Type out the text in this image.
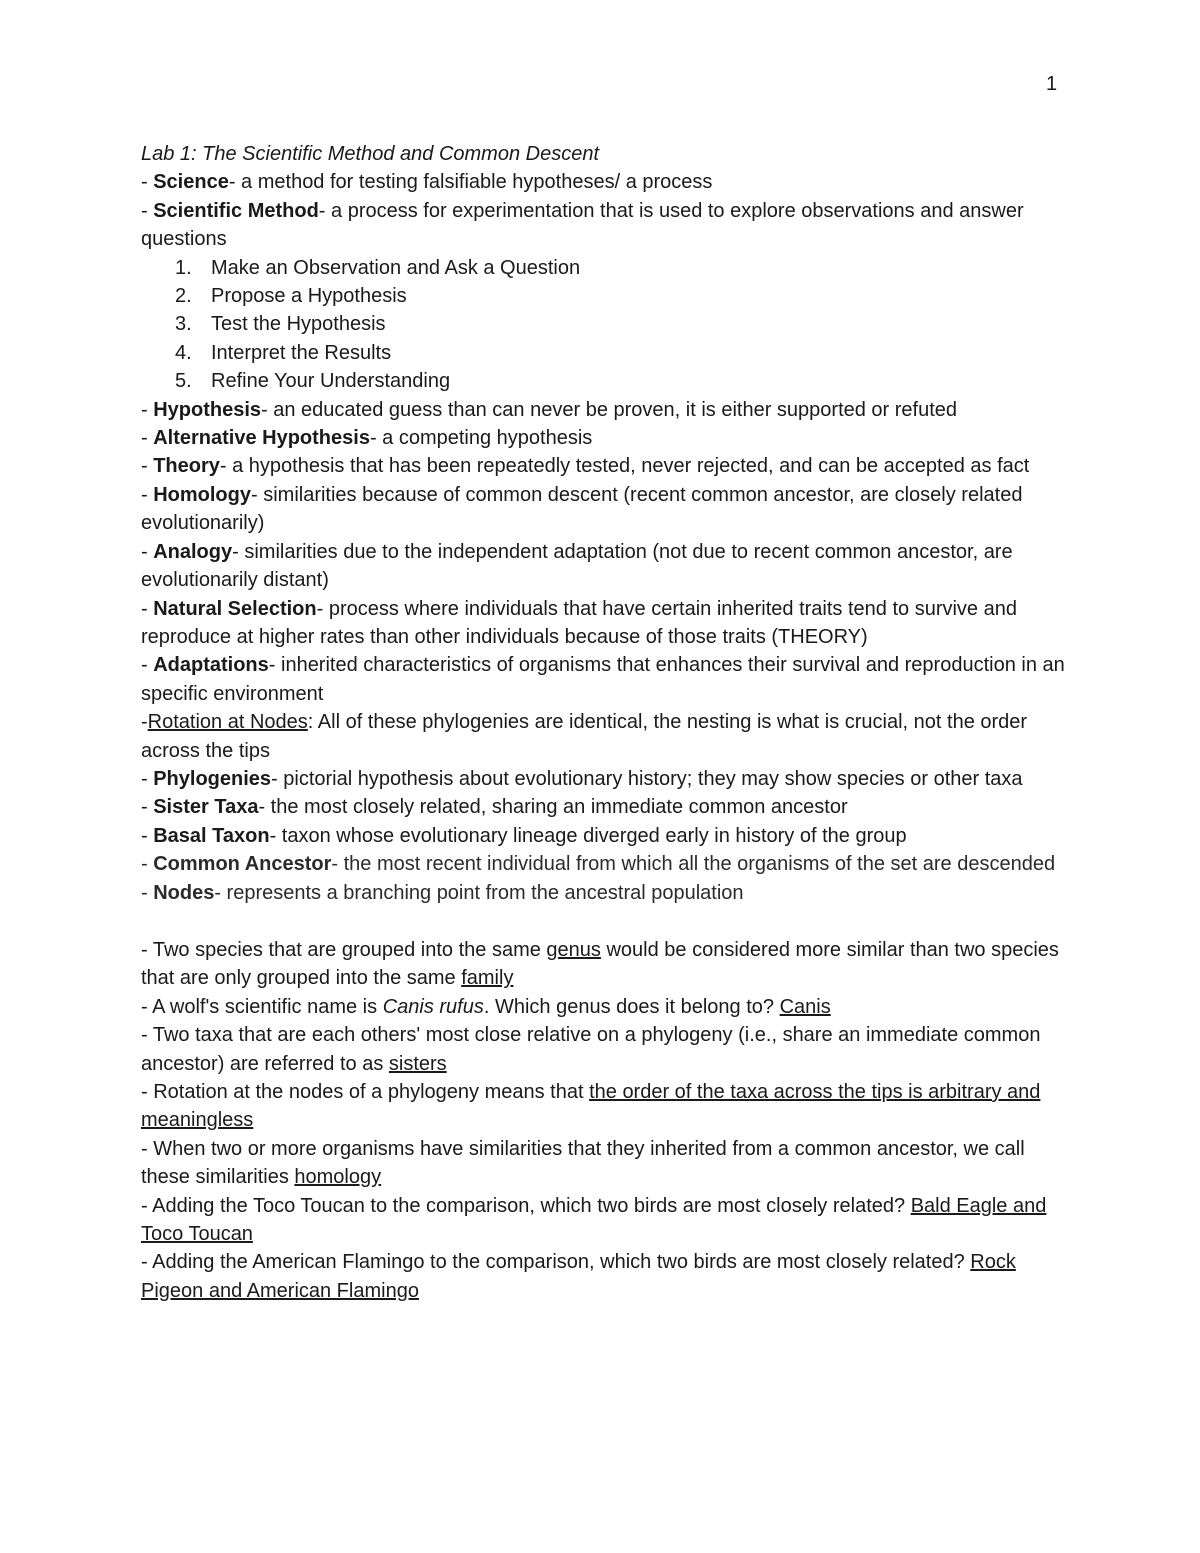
1
Lab 1: The Scientific Method and Common Descent
- Science- a method for testing falsifiable hypotheses/ a process
- Scientific Method- a process for experimentation that is used to explore observations and answer questions
1. Make an Observation and Ask a Question
2. Propose a Hypothesis
3. Test the Hypothesis
4. Interpret the Results
5. Refine Your Understanding
- Hypothesis- an educated guess than can never be proven, it is either supported or refuted
- Alternative Hypothesis- a competing hypothesis
- Theory- a hypothesis that has been repeatedly tested, never rejected, and can be accepted as fact
- Homology- similarities because of common descent (recent common ancestor, are closely related evolutionarily)
- Analogy- similarities due to the independent adaptation (not due to recent common ancestor, are evolutionarily distant)
- Natural Selection- process where individuals that have certain inherited traits tend to survive and reproduce at higher rates than other individuals because of those traits (THEORY)
- Adaptations- inherited characteristics of organisms that enhances their survival and reproduction in an specific environment
-Rotation at Nodes: All of these phylogenies are identical, the nesting is what is crucial, not the order across the tips
- Phylogenies- pictorial hypothesis about evolutionary history; they may show species or other taxa
- Sister Taxa- the most closely related, sharing an immediate common ancestor
- Basal Taxon- taxon whose evolutionary lineage diverged early in history of the group
- Common Ancestor- the most recent individual from which all the organisms of the set are descended
- Nodes- represents a branching point from the ancestral population
- Two species that are grouped into the same genus would be considered more similar than two species that are only grouped into the same family
- A wolf's scientific name is Canis rufus. Which genus does it belong to? Canis
- Two taxa that are each others' most close relative on a phylogeny (i.e., share an immediate common ancestor) are referred to as sisters
- Rotation at the nodes of a phylogeny means that the order of the taxa across the tips is arbitrary and meaningless
- When two or more organisms have similarities that they inherited from a common ancestor, we call these similarities homology
- Adding the Toco Toucan to the comparison, which two birds are most closely related? Bald Eagle and Toco Toucan
- Adding the American Flamingo to the comparison, which two birds are most closely related? Rock Pigeon and American Flamingo
